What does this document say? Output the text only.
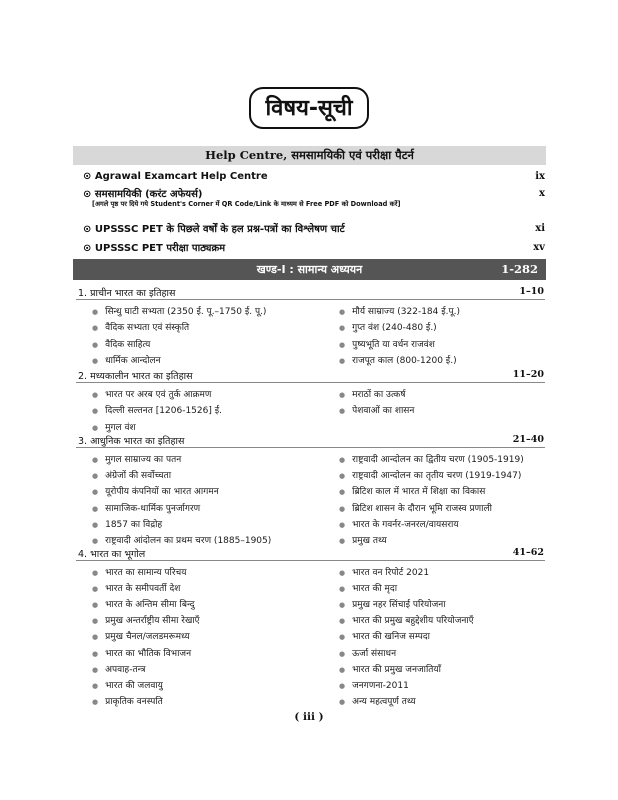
विषय-सूची
Help Centre, समसामयिकी एवं परीक्षा पैटर्न
⊙ Agrawal Examcart Help Centre	ix
⊙ समसामयिकी (करंट अफेयर्स)	x
[अगले पृष्ठ पर दिये गये Student's Corner में QR Code/Link के माध्यम से Free PDF को Download करें]
⊙ UPSSSC PET के पिछले वर्षों के हल प्रश्न-पत्रों का विश्लेषण चार्ट	xi
⊙ UPSSSC PET परीक्षा पाठ्यक्रम	xv
खण्ड-I : सामान्य अध्ययन	1-282
1. प्राचीन भारत का इतिहास	1–10
● सिन्धु घाटी सभ्यता (2350 ई. पू.–1750 ई. पू.)
● वैदिक सभ्यता एवं संस्कृति
● वैदिक साहित्य
● धार्मिक आन्दोलन
● मौर्य साम्राज्य (322-184 ई.पू.)
● गुप्त वंश (240-480 ई.)
● पुष्यभूति या वर्धन राजवंश
● राजपूत काल (800-1200 ई.)
2. मध्यकालीन भारत का इतिहास	11–20
● भारत पर अरब एवं तुर्क आक्रमण
● दिल्ली सल्तनत [1206-1526] ई.
● मुगल वंश
● मराठों का उत्कर्ष
● पेशवाओं का शासन
3. आधुनिक भारत का इतिहास	21–40
● मुगल साम्राज्य का पतन
● अंग्रेजों की सर्वोच्चता
● यूरोपीय कंपनियों का भारत आगमन
● सामाजिक-धार्मिक पुनर्जागरण
● 1857 का विद्रोह
● राष्ट्रवादी आंदोलन का प्रथम चरण (1885–1905)
● राष्ट्रवादी आन्दोलन का द्वितीय चरण (1905-1919)
● राष्ट्रवादी आन्दोलन का तृतीय चरण (1919-1947)
● ब्रिटिश काल में भारत में शिक्षा का विकास
● ब्रिटिश शासन के दौरान भूमि राजस्व प्रणाली
● भारत के गवर्नर-जनरल/वायसराय
● प्रमुख तथ्य
4. भारत का भूगोल	41–62
● भारत का सामान्य परिचय
● भारत के समीपवर्ती देश
● भारत के अन्तिम सीमा बिन्दु
● प्रमुख अन्तर्राष्ट्रीय सीमा रेखाएँ
● प्रमुख चैनल/जलडमरूमध्य
● भारत का भौतिक विभाजन
● अपवाह-तन्त्र
● भारत की जलवायु
● प्राकृतिक वनस्पति
● भारत वन रिपोर्ट 2021
● भारत की मृदा
● प्रमुख नहर सिंचाई परियोजना
● भारत की प्रमुख बहुद्देशीय परियोजनाएँ
● भारत की खनिज सम्पदा
● ऊर्जा संसाधन
● भारत की प्रमुख जनजातियाँ
● जनगणना-2011
● अन्य महत्वपूर्ण तथ्य
( iii )
